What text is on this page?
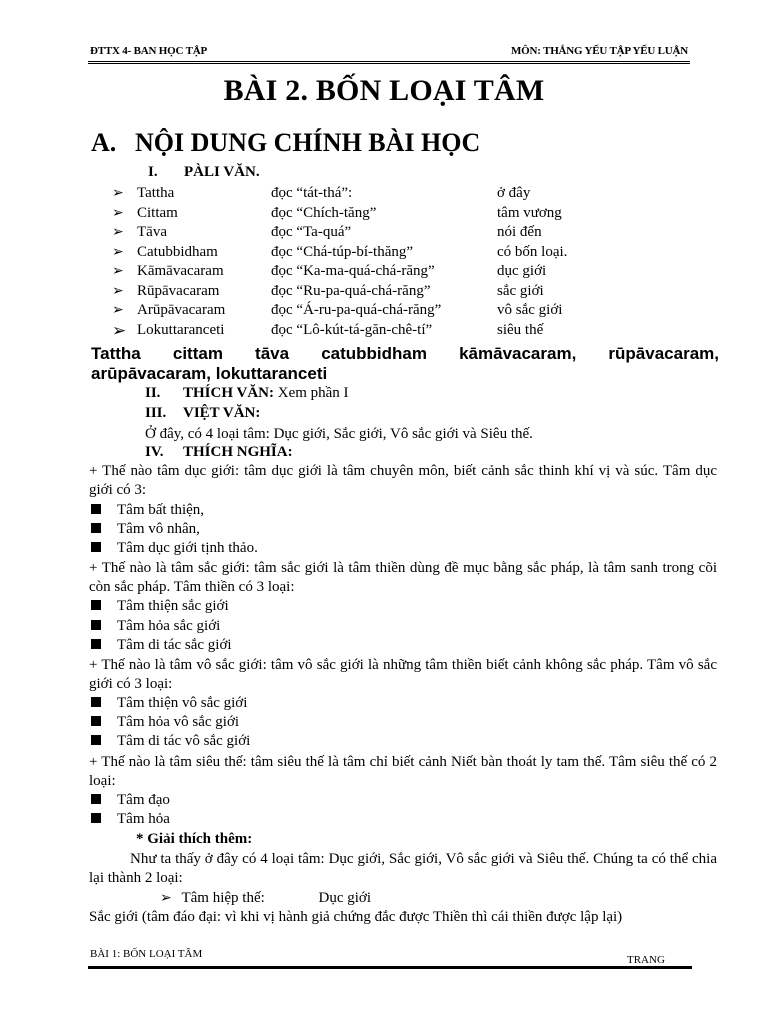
ĐTTX 4- BAN HỌC TẬP	MÔN: THẮNG YẾU TẬP YẾU LUẬN
BÀI 2. BỐN LOẠI TÂM
A. NỘI DUNG CHÍNH BÀI HỌC
I. PÀLI VĂN.
➢ Tattha	đọc “tát-thá”:	ở đây
➢ Cittam	đọc “Chích-tăng”	tâm vương
➢ Tāva	đọc “Ta-quá”	nói đến
➢ Catubbidham	đọc “Chá-túp-bí-thăng”	có bốn loại.
➢ Kāmāvacaram	đọc “Ka-ma-quá-chá-răng”	dục giới
➢ Rūpāvacaram	đọc “Ru-pa-quá-chá-răng”	sắc giới
➢ Arūpāvacaram	đọc “Á-ru-pa-quá-chá-răng”	vô sắc giới
➢ Lokuttaranceti	đọc “Lô-kút-tá-găn-chê-tí”	siêu thế
Tattha cittam tāva catubbidham kāmāvacaram, rūpāvacaram,
arūpāvacaram, lokuttaranceti
II. THÍCH VĂN: Xem phần I
III. VIỆT VĂN:
Ở đây, có 4 loại tâm: Dục giới, Sắc giới, Vô sắc giới và Siêu thế.
IV. THÍCH NGHĨA:
+ Thế nào tâm dục giới: tâm dục giới là tâm chuyên môn, biết cảnh sắc thinh khí vị và súc. Tâm dục giới có 3:
Tâm bất thiện,
Tâm vô nhân,
Tâm dục giới tịnh thảo.
+ Thế nào là tâm sắc giới: tâm sắc giới là tâm thiền dùng đề mục bằng sắc pháp, là tâm sanh trong cõi còn sắc pháp. Tâm thiền có 3 loại:
Tâm thiện sắc giới
Tâm hỏa sắc giới
Tâm di tác sắc giới
+ Thế nào là tâm vô sắc giới: tâm vô sắc giới là những tâm thiền biết cảnh không sắc pháp. Tâm vô sắc giới có 3 loại:
Tâm thiện vô sắc giới
Tâm hỏa vô sắc giới
Tâm di tác vô sắc giới
+ Thế nào là tâm siêu thế: tâm siêu thế là tâm chỉ biết cảnh Niết bàn thoát ly tam thế. Tâm siêu thế có 2 loại:
Tâm đạo
Tâm hỏa
* Giải thích thêm:
Như ta thấy ở đây có 4 loại tâm: Dục giới, Sắc giới, Vô sắc giới và Siêu thế. Chúng ta có thể chia lại thành 2 loại:
➢ Tâm hiệp thế:	Dục giới
Sắc giới (tâm đáo đại: vì khi vị hành giả chứng đắc được Thiền thì cái thiền được lập lại)
BÀI 1: BỐN LOẠI TÂM	TRANG
